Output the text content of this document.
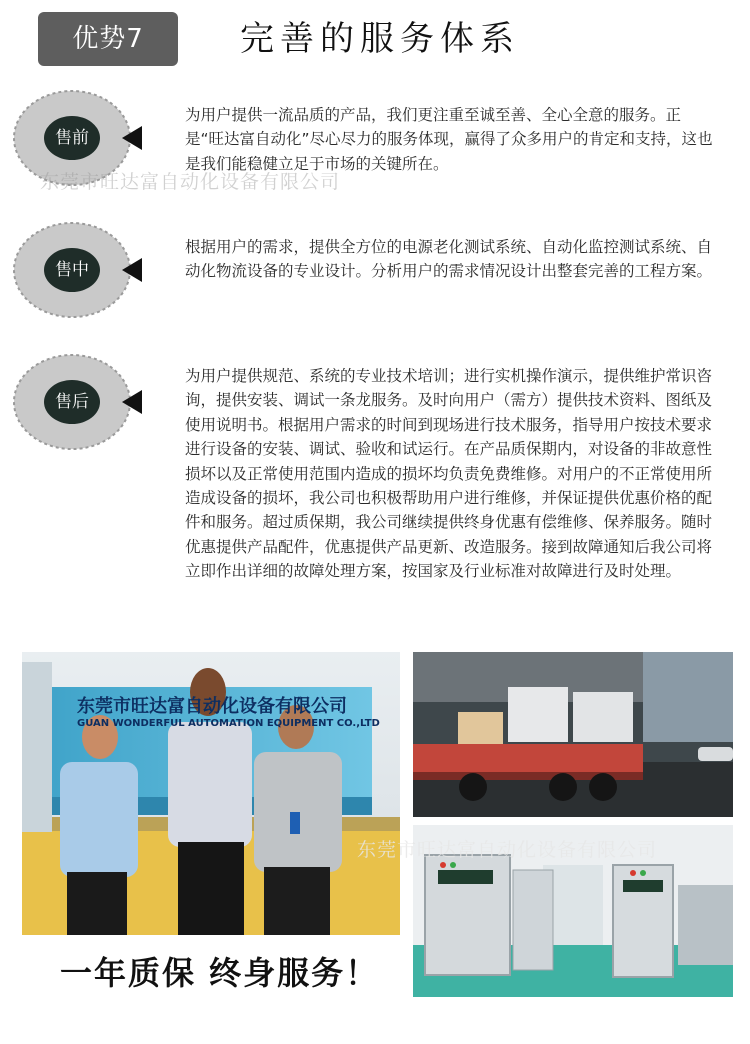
优势7	完善的服务体系
售前
为用户提供一流品质的产品，我们更注重至诚至善、全心全意的服务。正是“旺达富自动化”尽心尽力的服务体现，赢得了众多用户的肯定和支持，这也是我们能稳健立足于市场的关键所在。
东莞市旺达富自动化设备有限公司
售中
根据用户的需求，提供全方位的电源老化测试系统、自动化监控测试系统、自动化物流设备的专业设计。分析用户的需求情况设计出整套完善的工程方案。
售后
为用户提供规范、系统的专业技术培训；进行实机操作演示，提供维护常识咨询，提供安装、调试一条龙服务。及时向用户（需方）提供技术资料、图纸及使用说明书。根据用户需求的时间到现场进行技术服务，指导用户按技术要求进行设备的安装、调试、验收和试运行。在产品质保期内，对设备的非故意性损坏以及正常使用范围内造成的损坏均负责免费维修。对用户的不正常使用所造成设备的损坏，我公司也积极帮助用户进行维修，并保证提供优惠价格的配件和服务。超过质保期，我公司继续提供终身优惠有偿维修、保养服务。随时优惠提供产品配件，优惠提供产品更新、改造服务。接到故障通知后我公司将立即作出详细的故障处理方案，按国家及行业标准对故障进行及时处理。
东莞市旺达富自动化设备有限公司
GUAN WONDERFUL AUTOMATION EQUIPMENT CO.,LTD
东莞市旺达富自动化设备有限公司
一年质保 终身服务！
